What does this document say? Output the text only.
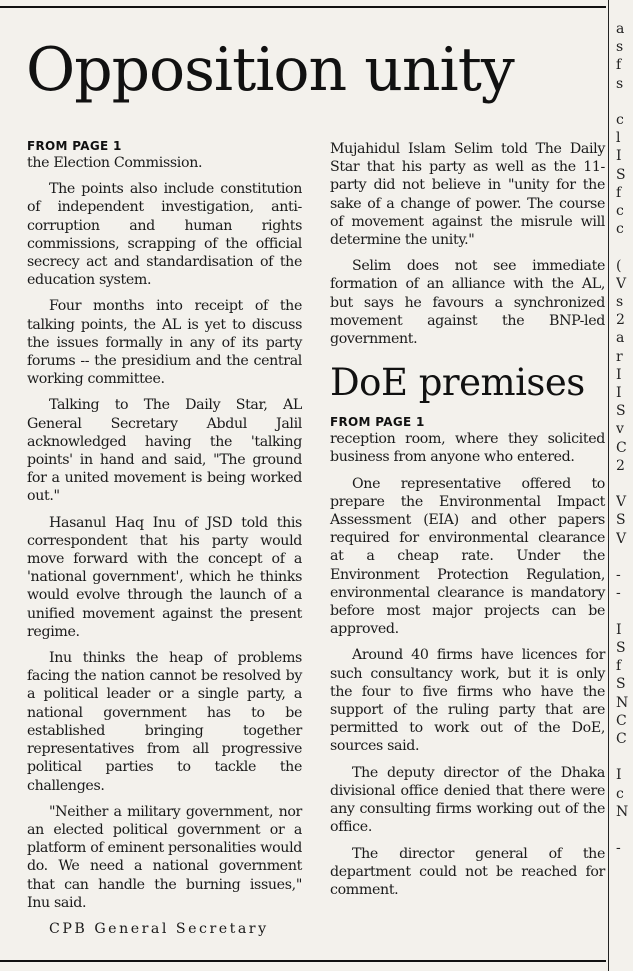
Opposition unity
FROM PAGE 1

the Election Commission.

The points also include constitution of independent investigation, anti-corruption and human rights commissions, scrapping of the official secrecy act and standardisation of the education system.

Four months into receipt of the talking points, the AL is yet to discuss the issues formally in any of its party forums -- the presidium and the central working committee.

Talking to The Daily Star, AL General Secretary Abdul Jalil acknowledged having the 'talking points' in hand and said, "The ground for a united movement is being worked out."

Hasanul Haq Inu of JSD told this correspondent that his party would move forward with the concept of a 'national government', which he thinks would evolve through the launch of a unified movement against the present regime.

Inu thinks the heap of problems facing the nation cannot be resolved by a political leader or a single party, a national government has to be established bringing together representatives from all progressive political parties to tackle the challenges.

"Neither a military government, nor an elected political government or a platform of eminent personalities would do. We need a national government that can handle the burning issues," Inu said.

CPB General Secretary

Mujahidul Islam Selim told The Daily Star that his party as well as the 11-party did not believe in "unity for the sake of a change of power. The course of movement against the misrule will determine the unity."

Selim does not see immediate formation of an alliance with the AL, but says he favours a synchronized movement against the BNP-led government.

DoE premises
FROM PAGE 1

reception room, where they solicited business from anyone who entered.

One representative offered to prepare the Environmental Impact Assessment (EIA) and other papers required for environmental clearance at a cheap rate. Under the Environment Protection Regulation, environmental clearance is mandatory before most major projects can be approved.

Around 40 firms have licences for such consultancy work, but it is only the four to five firms who have the support of the ruling party that are permitted to work out of the DoE, sources said.

The deputy director of the Dhaka divisional office denied that there were any consulting firms working out of the office.

The director general of the department could not be reached for comment.

a
s
f
s

c
l
I
S
f
c
c

(
V
s
2
a
r
I
I
S
v
C
2

V
S
V

-
-

I
S
f
S
N
C
C

I
c
N

-
